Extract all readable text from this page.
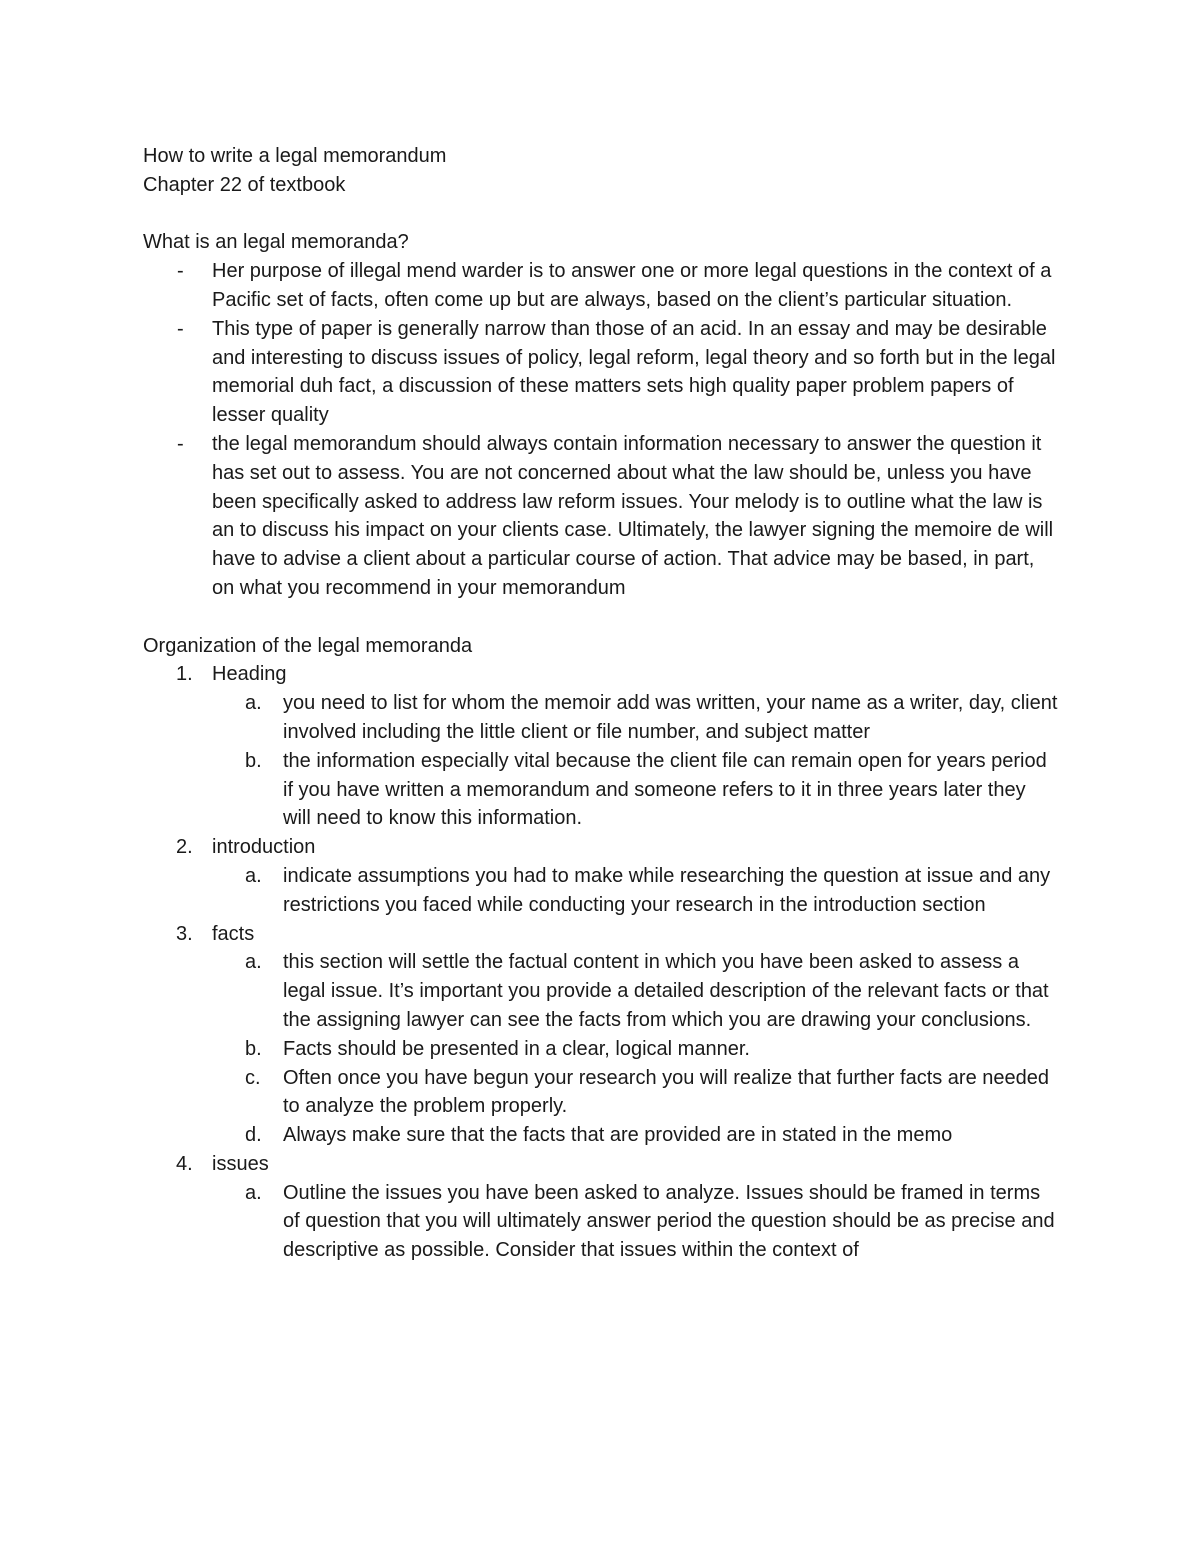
How to write a legal memorandum

Chapter 22 of textbook

What is an legal memoranda?

- Her purpose of illegal mend warder is to answer one or more legal questions in the context of a Pacific set of facts, often come up but are always, based on the client’s particular situation.
- This type of paper is generally narrow than those of an acid. In an essay and may be desirable and interesting to discuss issues of policy, legal reform, legal theory and so forth but in the legal memorial duh fact, a discussion of these matters sets high quality paper problem papers of lesser quality
- the legal memorandum should always contain information necessary to answer the question it has set out to assess. You are not concerned about what the law should be, unless you have been specifically asked to address law reform issues. Your melody is to outline what the law is an to discuss his impact on your clients case. Ultimately, the lawyer signing the memoire de will have to advise a client about a particular course of action. That advice may be based, in part, on what you recommend in your memorandum

Organization of the legal memoranda

1. Heading
a. you need to list for whom the memoir add was written, your name as a writer, day, client involved including the little client or file number, and subject matter
b. the information especially vital because the client file can remain open for years period if you have written a memorandum and someone refers to it in three years later they will need to know this information.
2. introduction
a. indicate assumptions you had to make while researching the question at issue and any restrictions you faced while conducting your research in the introduction section
3. facts
a. this section will settle the factual content in which you have been asked to assess a legal issue. It’s important you provide a detailed description of the relevant facts or that the assigning lawyer can see the facts from which you are drawing your conclusions.
b. Facts should be presented in a clear, logical manner.
c. Often once you have begun your research you will realize that further facts are needed to analyze the problem properly.
d. Always make sure that the facts that are provided are in stated in the memo
4. issues
a. Outline the issues you have been asked to analyze. Issues should be framed in terms of question that you will ultimately answer period the question should be as precise and descriptive as possible. Consider that issues within the context of
